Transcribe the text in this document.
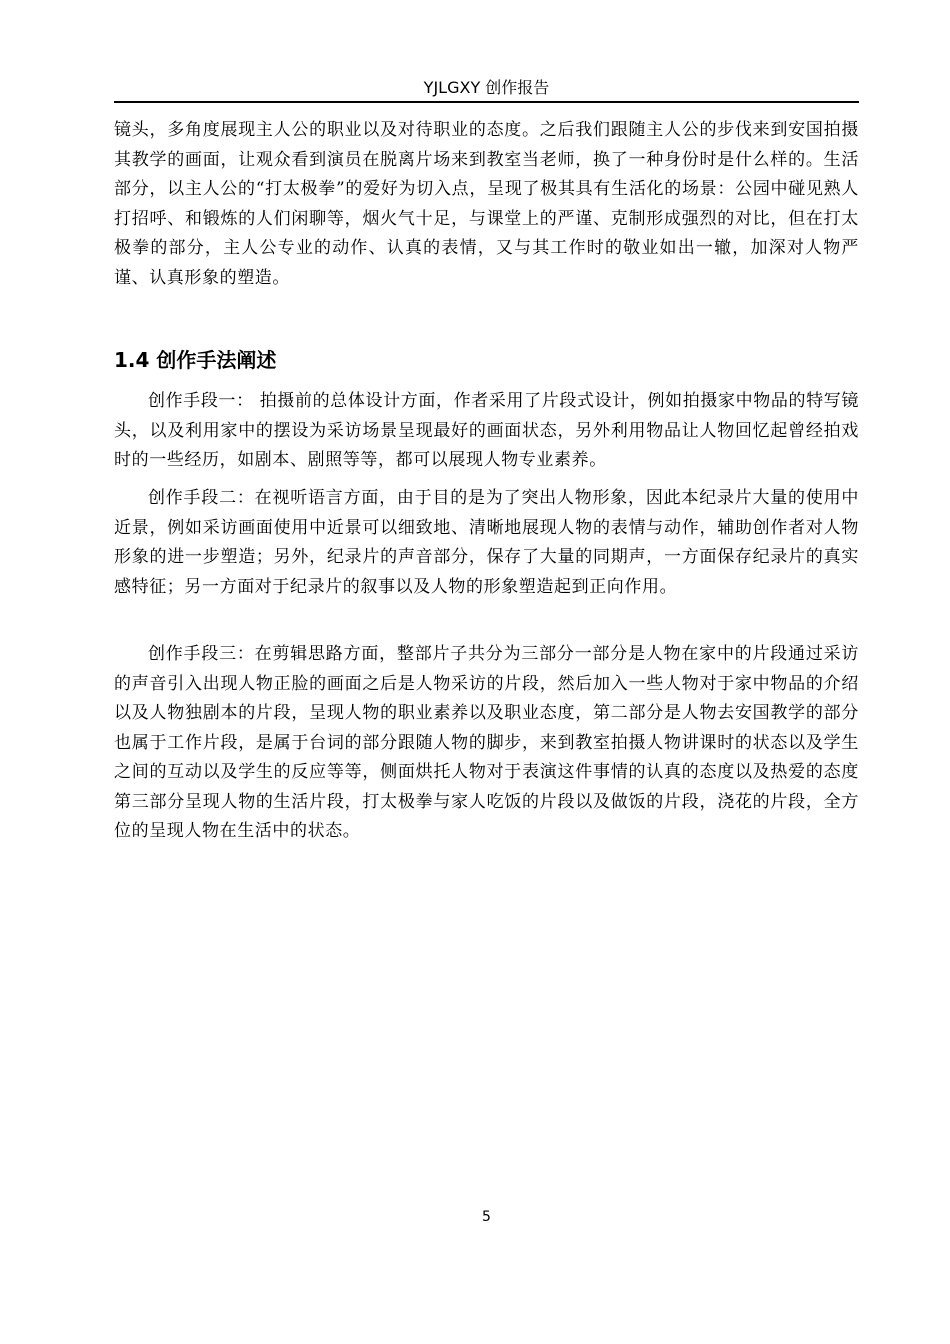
YJLGXY 创作报告

镜头，多角度展现主人公的职业以及对待职业的态度。之后我们跟随主人公的步伐来到安国拍摄其教学的画面，让观众看到演员在脱离片场来到教室当老师，换了一种身份时是什么样的。生活部分，以主人公的“打太极拳”的爱好为切入点，呈现了极其具有生活化的场景：公园中碰见熟人打招呼、和锻炼的人们闲聊等，烟火气十足，与课堂上的严谨、克制形成强烈的对比，但在打太极拳的部分，主人公专业的动作、认真的表情，又与其工作时的敬业如出一辙，加深对人物严谨、认真形象的塑造。

1.4 创作手法阐述

创作手段一： 拍摄前的总体设计方面，作者采用了片段式设计，例如拍摄家中物品的特写镜头，以及利用家中的摆设为采访场景呈现最好的画面状态，另外利用物品让人物回忆起曾经拍戏时的一些经历，如剧本、剧照等等，都可以展现人物专业素养。

创作手段二：在视听语言方面，由于目的是为了突出人物形象，因此本纪录片大量的使用中近景，例如采访画面使用中近景可以细致地、清晰地展现人物的表情与动作，辅助创作者对人物形象的进一步塑造；另外，纪录片的声音部分，保存了大量的同期声，一方面保存纪录片的真实感特征；另一方面对于纪录片的叙事以及人物的形象塑造起到正向作用。

创作手段三：在剪辑思路方面，整部片子共分为三部分一部分是人物在家中的片段通过采访的声音引入出现人物正脸的画面之后是人物采访的片段，然后加入一些人物对于家中物品的介绍以及人物独剧本的片段，呈现人物的职业素养以及职业态度，第二部分是人物去安国教学的部分也属于工作片段，是属于台词的部分跟随人物的脚步，来到教室拍摄人物讲课时的状态以及学生之间的互动以及学生的反应等等，侧面烘托人物对于表演这件事情的认真的态度以及热爱的态度第三部分呈现人物的生活片段，打太极拳与家人吃饭的片段以及做饭的片段，浇花的片段，全方位的呈现人物在生活中的状态。

5
